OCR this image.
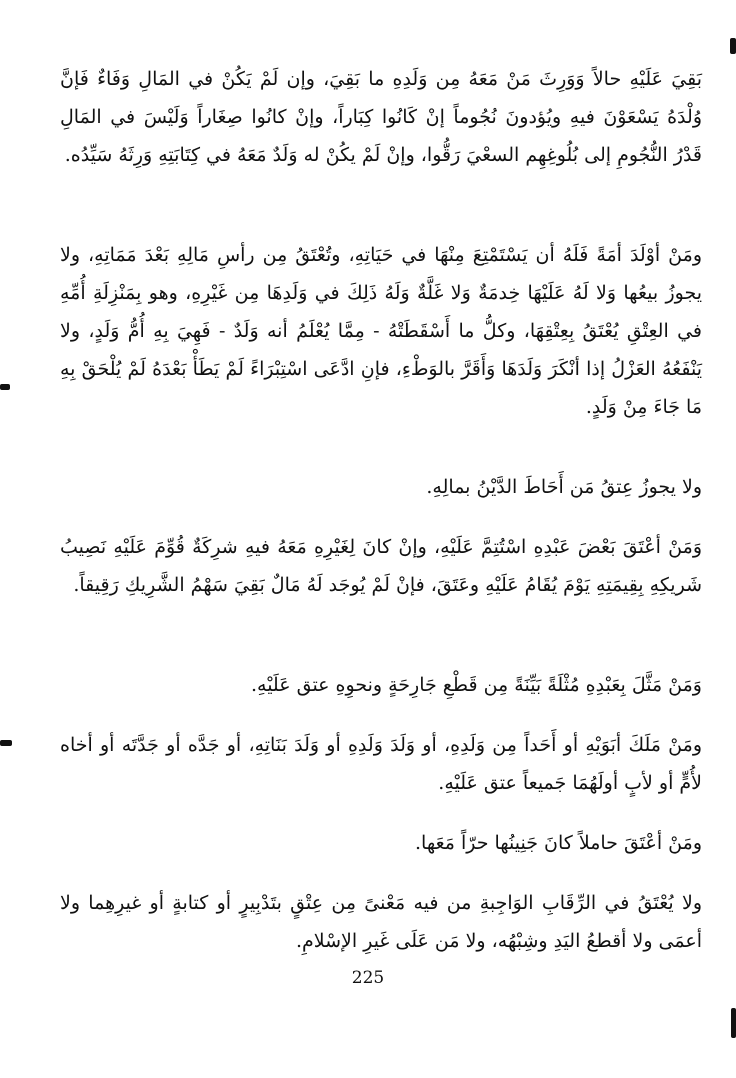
بَقِيَ عَلَيْهِ حالاً وَوَرِثَ مَنْ مَعَهُ مِن وَلَدِهِ ما بَقِيَ، وإن لَمْ يَكُنْ في المَالِ وَفَاءٌ فَإنَّ وُلْدَهُ يَسْعَوْنَ فيهِ ويُؤدونَ نُجُوماً إنْ كَانُوا كِبَاراً، وإنْ كانُوا صِغَاراً وَلَيْسَ في المَالِ قَدْرُ النُّجُومِ إلى بُلُوغِهِم السعْيَ رَقُّوا، وإنْ لَمْ يكُنْ له وَلَدٌ مَعَهُ في كِتَابَتِهِ وَرِثَهُ سَيِّدُه.

ومَنْ أوْلَدَ أمَةً فَلَهُ أن يَسْتَمْتِعَ مِنْهَا في حَيَاتِهِ، وتُعْتَقُ مِن رأسِ مَالِهِ بَعْدَ مَمَاتِهِ، ولا يجوزُ بيعُها وَلا لَهُ عَلَيْهَا خِدمَةٌ وَلا غَلَّةٌ وَلَهُ ذَلِكَ في وَلَدِهَا مِن غَيْرِهِ، وهو بِمَنْزِلَةِ أُمِّهِ في العِتْقِ يُعْتَقُ بِعِتْقِهَا، وكلُّ ما أَسْقَطَتْهُ - مِمَّا يُعْلَمُ أنه وَلَدٌ - فَهِيَ بِهِ أُمُّ وَلَدٍ، ولا يَنْفَعُهُ العَزْلُ إذا أنْكَرَ وَلَدَهَا وَأَقَرَّ بالوَطْءِ، فإنِ ادَّعَى اسْتِبْرَاءً لَمْ يَطَأْ بَعْدَهُ لَمْ يُلْحَقْ بِهِ مَا جَاءَ مِنْ وَلَدٍ.

ولا يجوزُ عِتقُ مَن أَحَاطَ الدَّيْنُ بمالِهِ.

وَمَنْ أعْتَقَ بَعْضَ عَبْدِهِ اسْتُتِمَّ عَلَيْهِ، وإنْ كانَ لِغَيْرِهِ مَعَهُ فيهِ شرِكَةٌ قُوِّمَ عَلَيْهِ نَصِيبُ شَريكِهِ بِقِيمَتِهِ يَوْمَ يُقَامُ عَلَيْهِ وعَتَقَ، فإنْ لَمْ يُوجَد لَهُ مَالٌ بَقِيَ سَهْمُ الشَّرِيكِ رَقِيقاً.

وَمَنْ مَثَّلَ بِعَبْدِهِ مُثْلَةً بَيِّنَةً مِن قَطْعِ جَارِحَةٍ ونحوِهِ عتق عَلَيْهِ.

ومَنْ مَلَكَ أبَوَيْهِ أو أَحَداً مِن وَلَدِهِ، أو وَلَدَ وَلَدِهِ أو وَلَدَ بَنَاتِهِ، أو جَدَّه أو جَدَّتَه أو أخاه لأُمٍّ أو لأبٍ أولَهُمَا جَميعاً عتق عَلَيْهِ.

ومَنْ أعْتَقَ حاملاً كانَ جَنِينُها حرّاً مَعَها.

ولا يُعْتَقُ في الرِّقَابِ الوَاجِبةِ من فيه مَعْنىً مِن عِتْقٍ بتَدْبِيرٍ أو كتابةٍ أو غيرِهِما ولا أعمَى ولا أقطعُ اليَدِ وشِبْهُه، ولا مَن عَلَى غَيرِ الإسْلامِ.

225
